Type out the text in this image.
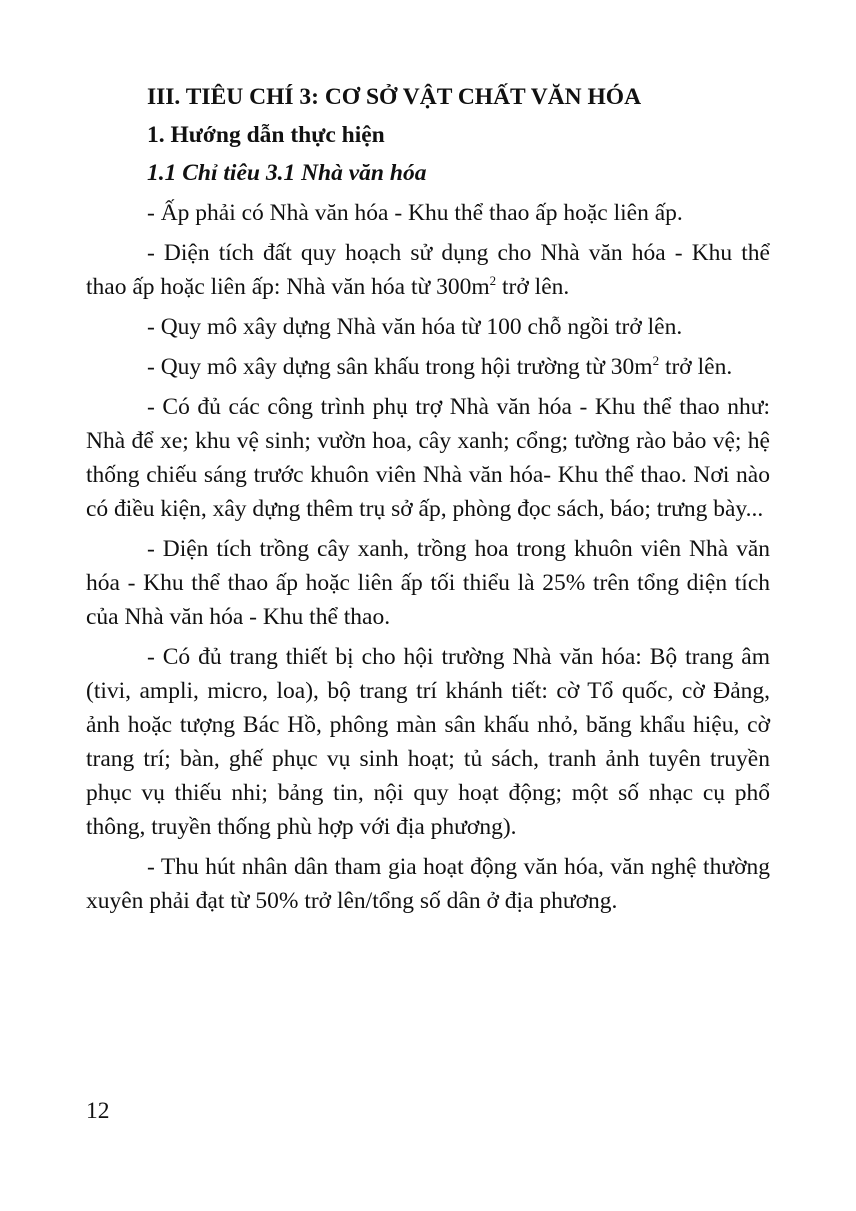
III. TIÊU CHÍ 3: CƠ SỞ VẬT CHẤT VĂN HÓA
1. Hướng dẫn thực hiện
1.1 Chỉ tiêu 3.1 Nhà văn hóa

- Ấp phải có Nhà văn hóa - Khu thể thao ấp hoặc liên ấp.

- Diện tích đất quy hoạch sử dụng cho Nhà văn hóa - Khu thể thao ấp hoặc liên ấp: Nhà văn hóa từ $300m^2$ trở lên.

- Quy mô xây dựng Nhà văn hóa từ 100 chỗ ngồi trở lên.

- Quy mô xây dựng sân khấu trong hội trường từ $30m^2$ trở lên.

- Có đủ các công trình phụ trợ Nhà văn hóa - Khu thể thao như: Nhà để xe; khu vệ sinh; vườn hoa, cây xanh; cổng; tường rào bảo vệ; hệ thống chiếu sáng trước khuôn viên Nhà văn hóa- Khu thể thao. Nơi nào có điều kiện, xây dựng thêm trụ sở ấp, phòng đọc sách, báo; trưng bày...

- Diện tích trồng cây xanh, trồng hoa trong khuôn viên Nhà văn hóa - Khu thể thao ấp hoặc liên ấp tối thiểu là 25% trên tổng diện tích của Nhà văn hóa - Khu thể thao.

- Có đủ trang thiết bị cho hội trường Nhà văn hóa: Bộ trang âm (tivi, ampli, micro, loa), bộ trang trí khánh tiết: cờ Tổ quốc, cờ Đảng, ảnh hoặc tượng Bác Hồ, phông màn sân khấu nhỏ, băng khẩu hiệu, cờ trang trí; bàn, ghế phục vụ sinh hoạt; tủ sách, tranh ảnh tuyên truyền phục vụ thiếu nhi; bảng tin, nội quy hoạt động; một số nhạc cụ phổ thông, truyền thống phù hợp với địa phương).

- Thu hút nhân dân tham gia hoạt động văn hóa, văn nghệ thường xuyên phải đạt từ 50% trở lên/tổng số dân ở địa phương.

12
